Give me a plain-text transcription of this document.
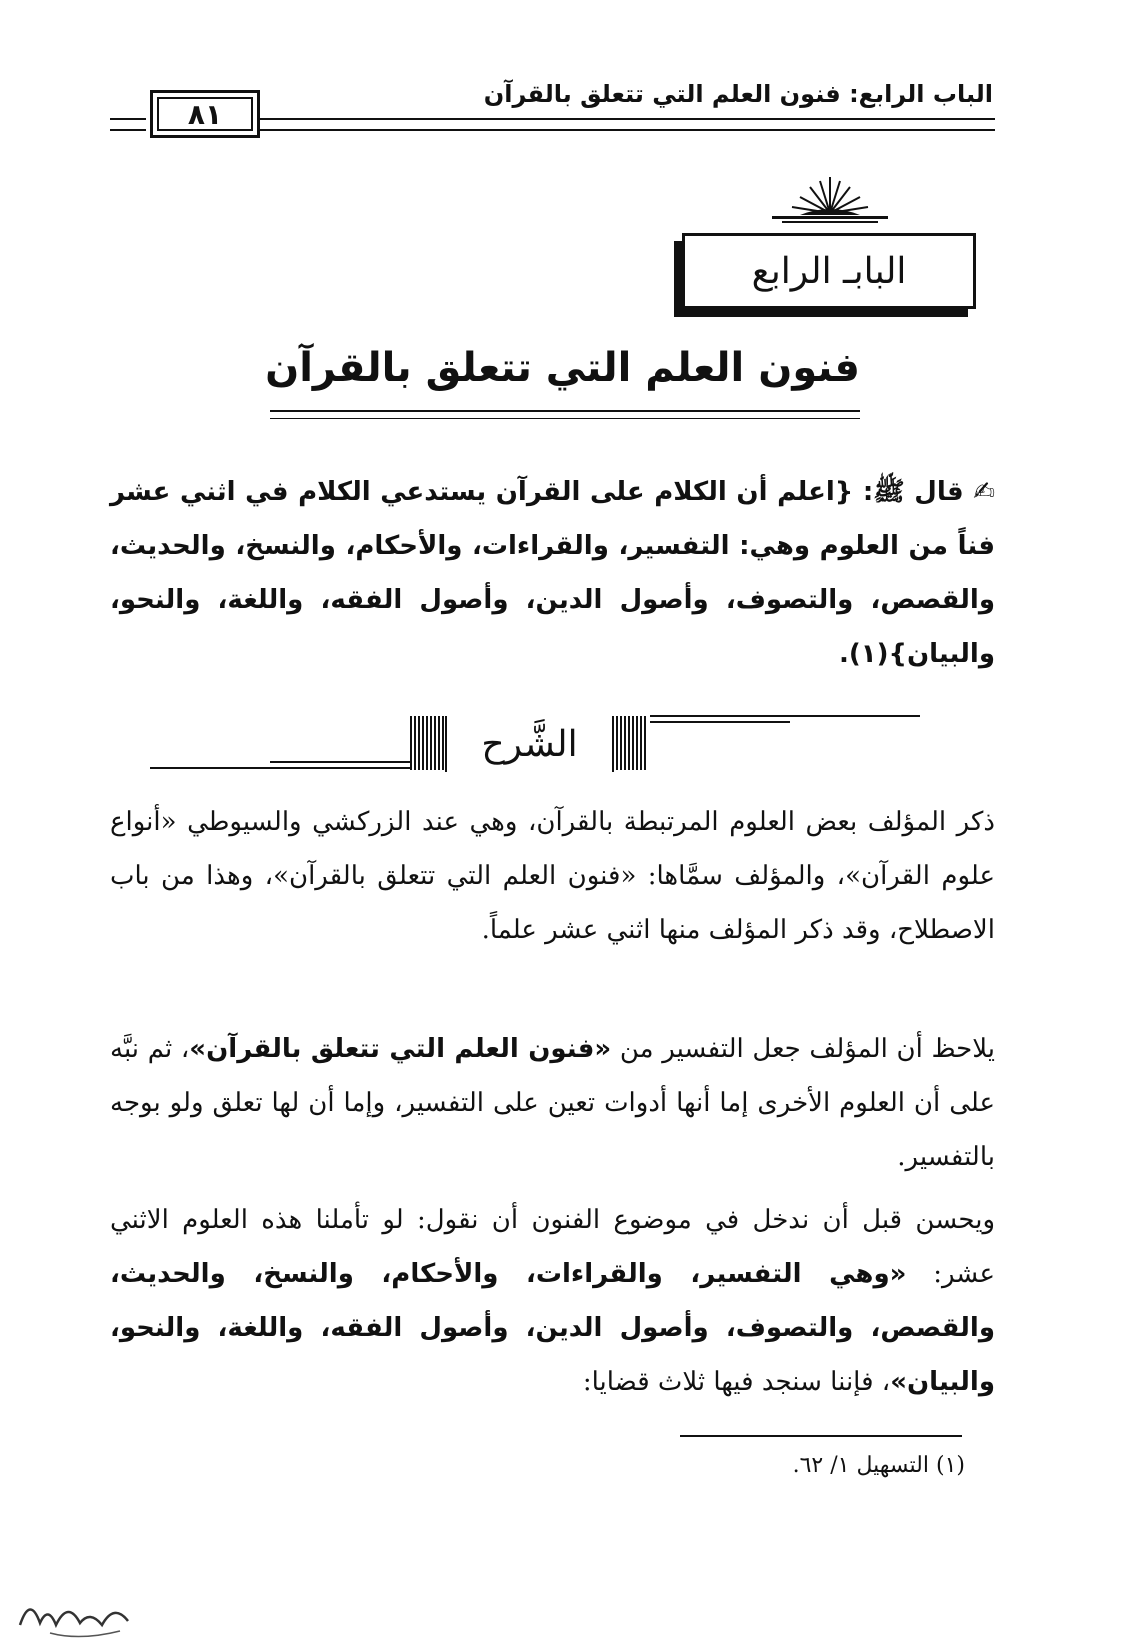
الباب الرابع: فنون العلم التي تتعلق بالقرآن
٨١
البابـ الرابع
فنون العلم التي تتعلق بالقرآن
✍ قال ﷺ: {اعلم أن الكلام على القرآن يستدعي الكلام في اثني عشر فناً من العلوم وهي: التفسير، والقراءات، والأحكام، والنسخ، والحديث، والقصص، والتصوف، وأصول الدين، وأصول الفقه، واللغة، والنحو، والبيان}(١).
الشَّرح
ذكر المؤلف بعض العلوم المرتبطة بالقرآن، وهي عند الزركشي والسيوطي «أنواع علوم القرآن»، والمؤلف سمَّاها: «فنون العلم التي تتعلق بالقرآن»، وهذا من باب الاصطلاح، وقد ذكر المؤلف منها اثني عشر علماً.
يلاحظ أن المؤلف جعل التفسير من «فنون العلم التي تتعلق بالقرآن»، ثم نبَّه على أن العلوم الأخرى إما أنها أدوات تعين على التفسير، وإما أن لها تعلق ولو بوجه بالتفسير.
ويحسن قبل أن ندخل في موضوع الفنون أن نقول: لو تأملنا هذه العلوم الاثني عشر: «وهي التفسير، والقراءات، والأحكام، والنسخ، والحديث، والقصص، والتصوف، وأصول الدين، وأصول الفقه، واللغة، والنحو، والبيان»، فإننا سنجد فيها ثلاث قضايا:
(١) التسهيل ١/ ٦٢.
